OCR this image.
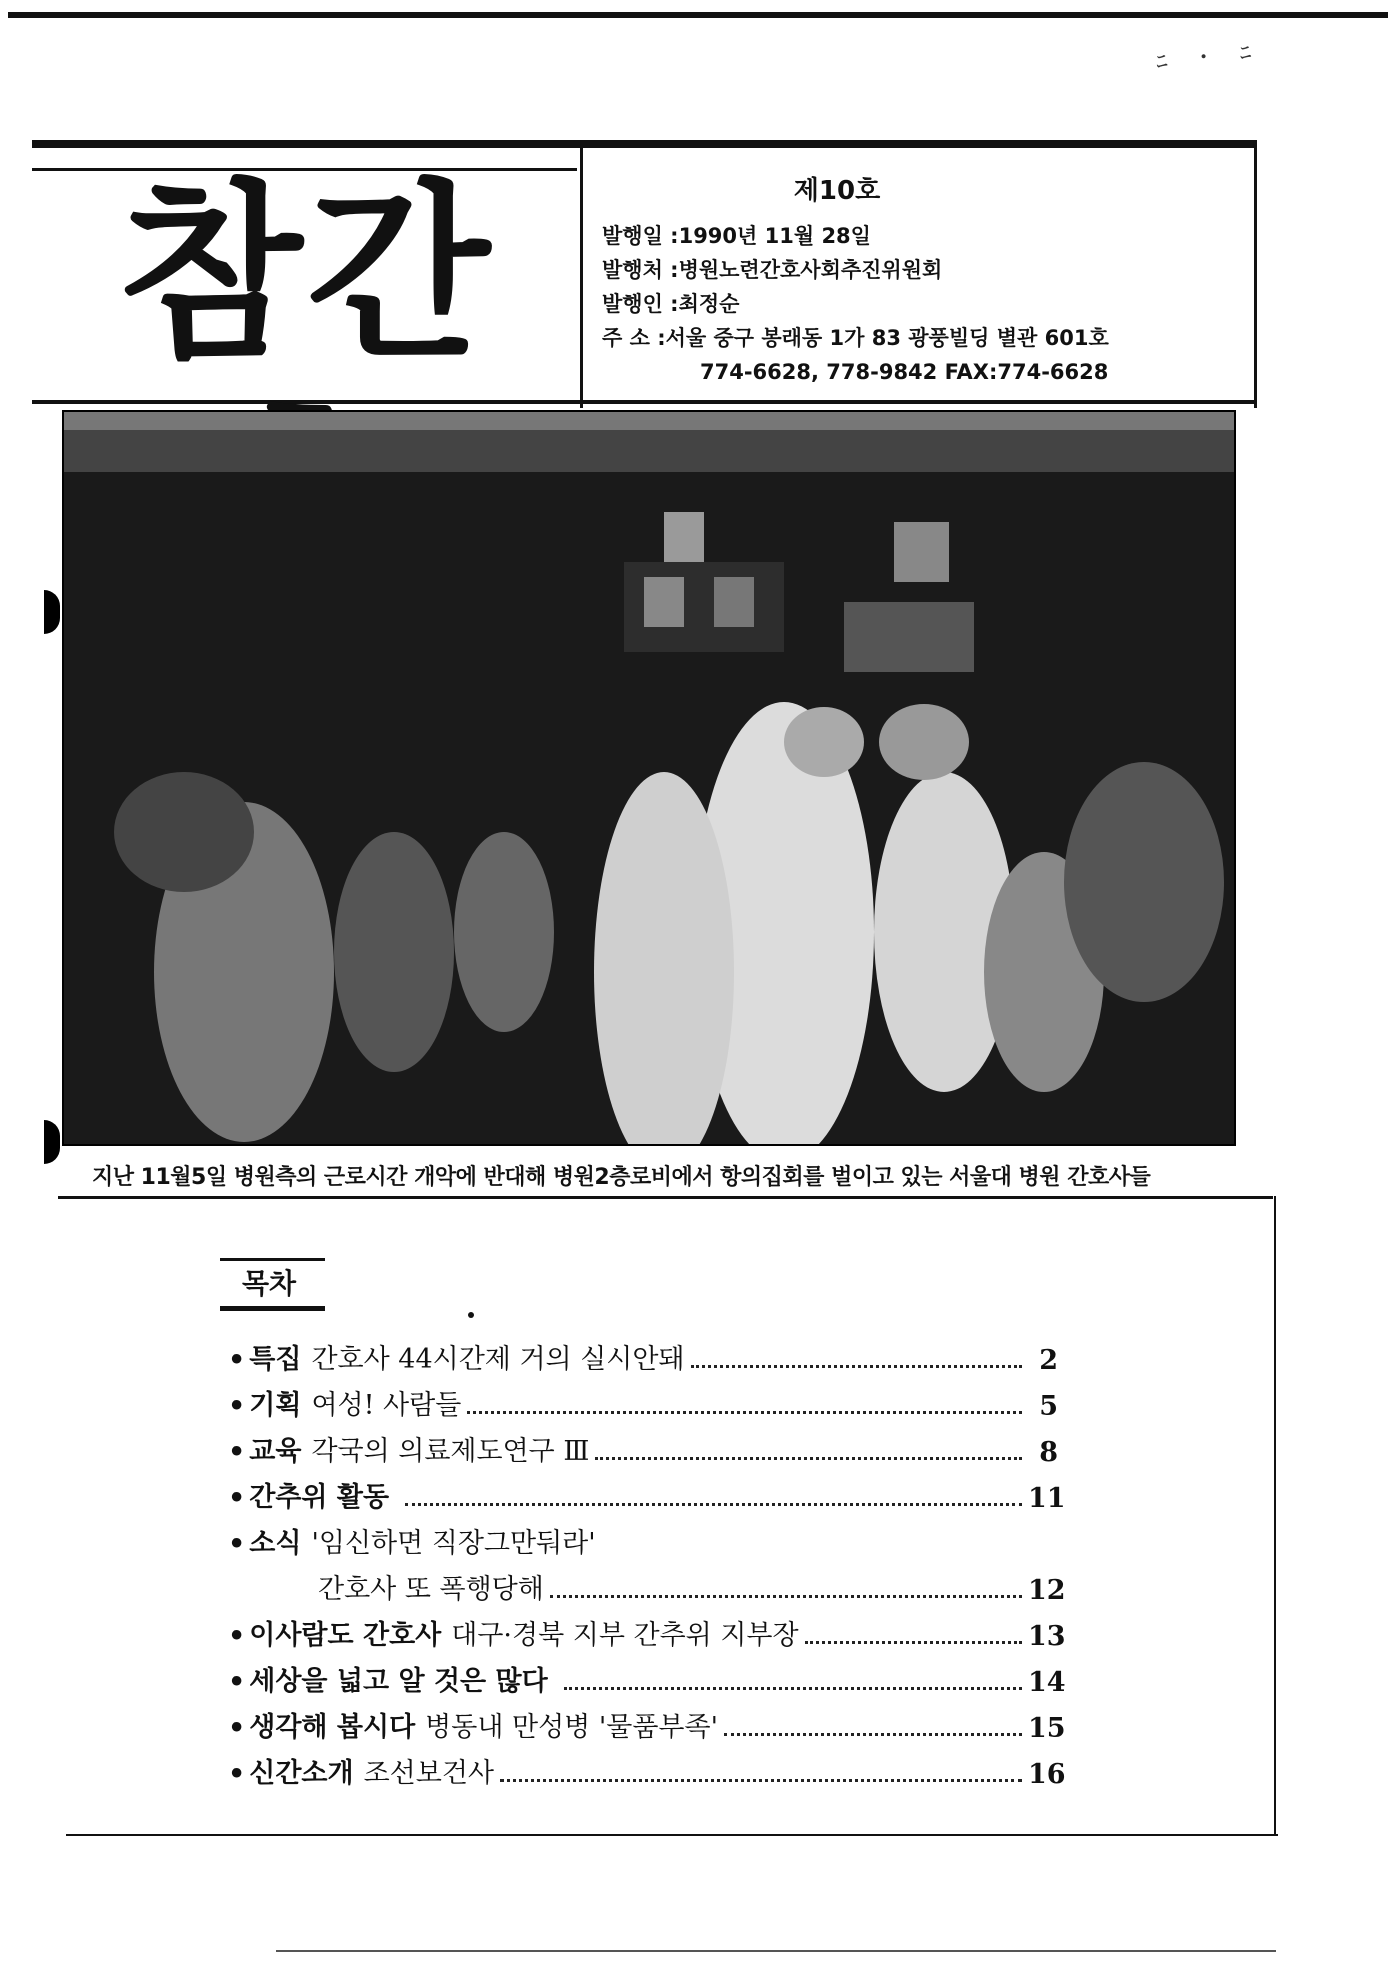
ﾆ ･ ﾆ
참간	제10호
발행일 :1990년 11월 28일
발행처 :병원노련간호사회추진위원회
발행인 :최정순
주 소 :서울 중구 봉래동 1가 83 광풍빌딩 별관 601호
774-6628, 778-9842 FAX:774-6628
지난 11월5일 병원측의 근로시간 개악에 반대해 병원2층로비에서 항의집회를 벌이고 있는 서울대 병원 간호사들
목차
• 특집 간호사 44시간제 거의 실시안돼	2
• 기획 여성! 사람들	5
• 교육 각국의 의료제도연구 Ⅲ	8
• 간추위 활동	11
• 소식 '임신하면 직장그만둬라'
간호사 또 폭행당해	12
• 이사람도 간호사 대구·경북 지부 간추위 지부장	13
• 세상을 넓고 알 것은 많다	14
• 생각해 봅시다 병동내 만성병 '물품부족'	15
• 신간소개 조선보건사	16
